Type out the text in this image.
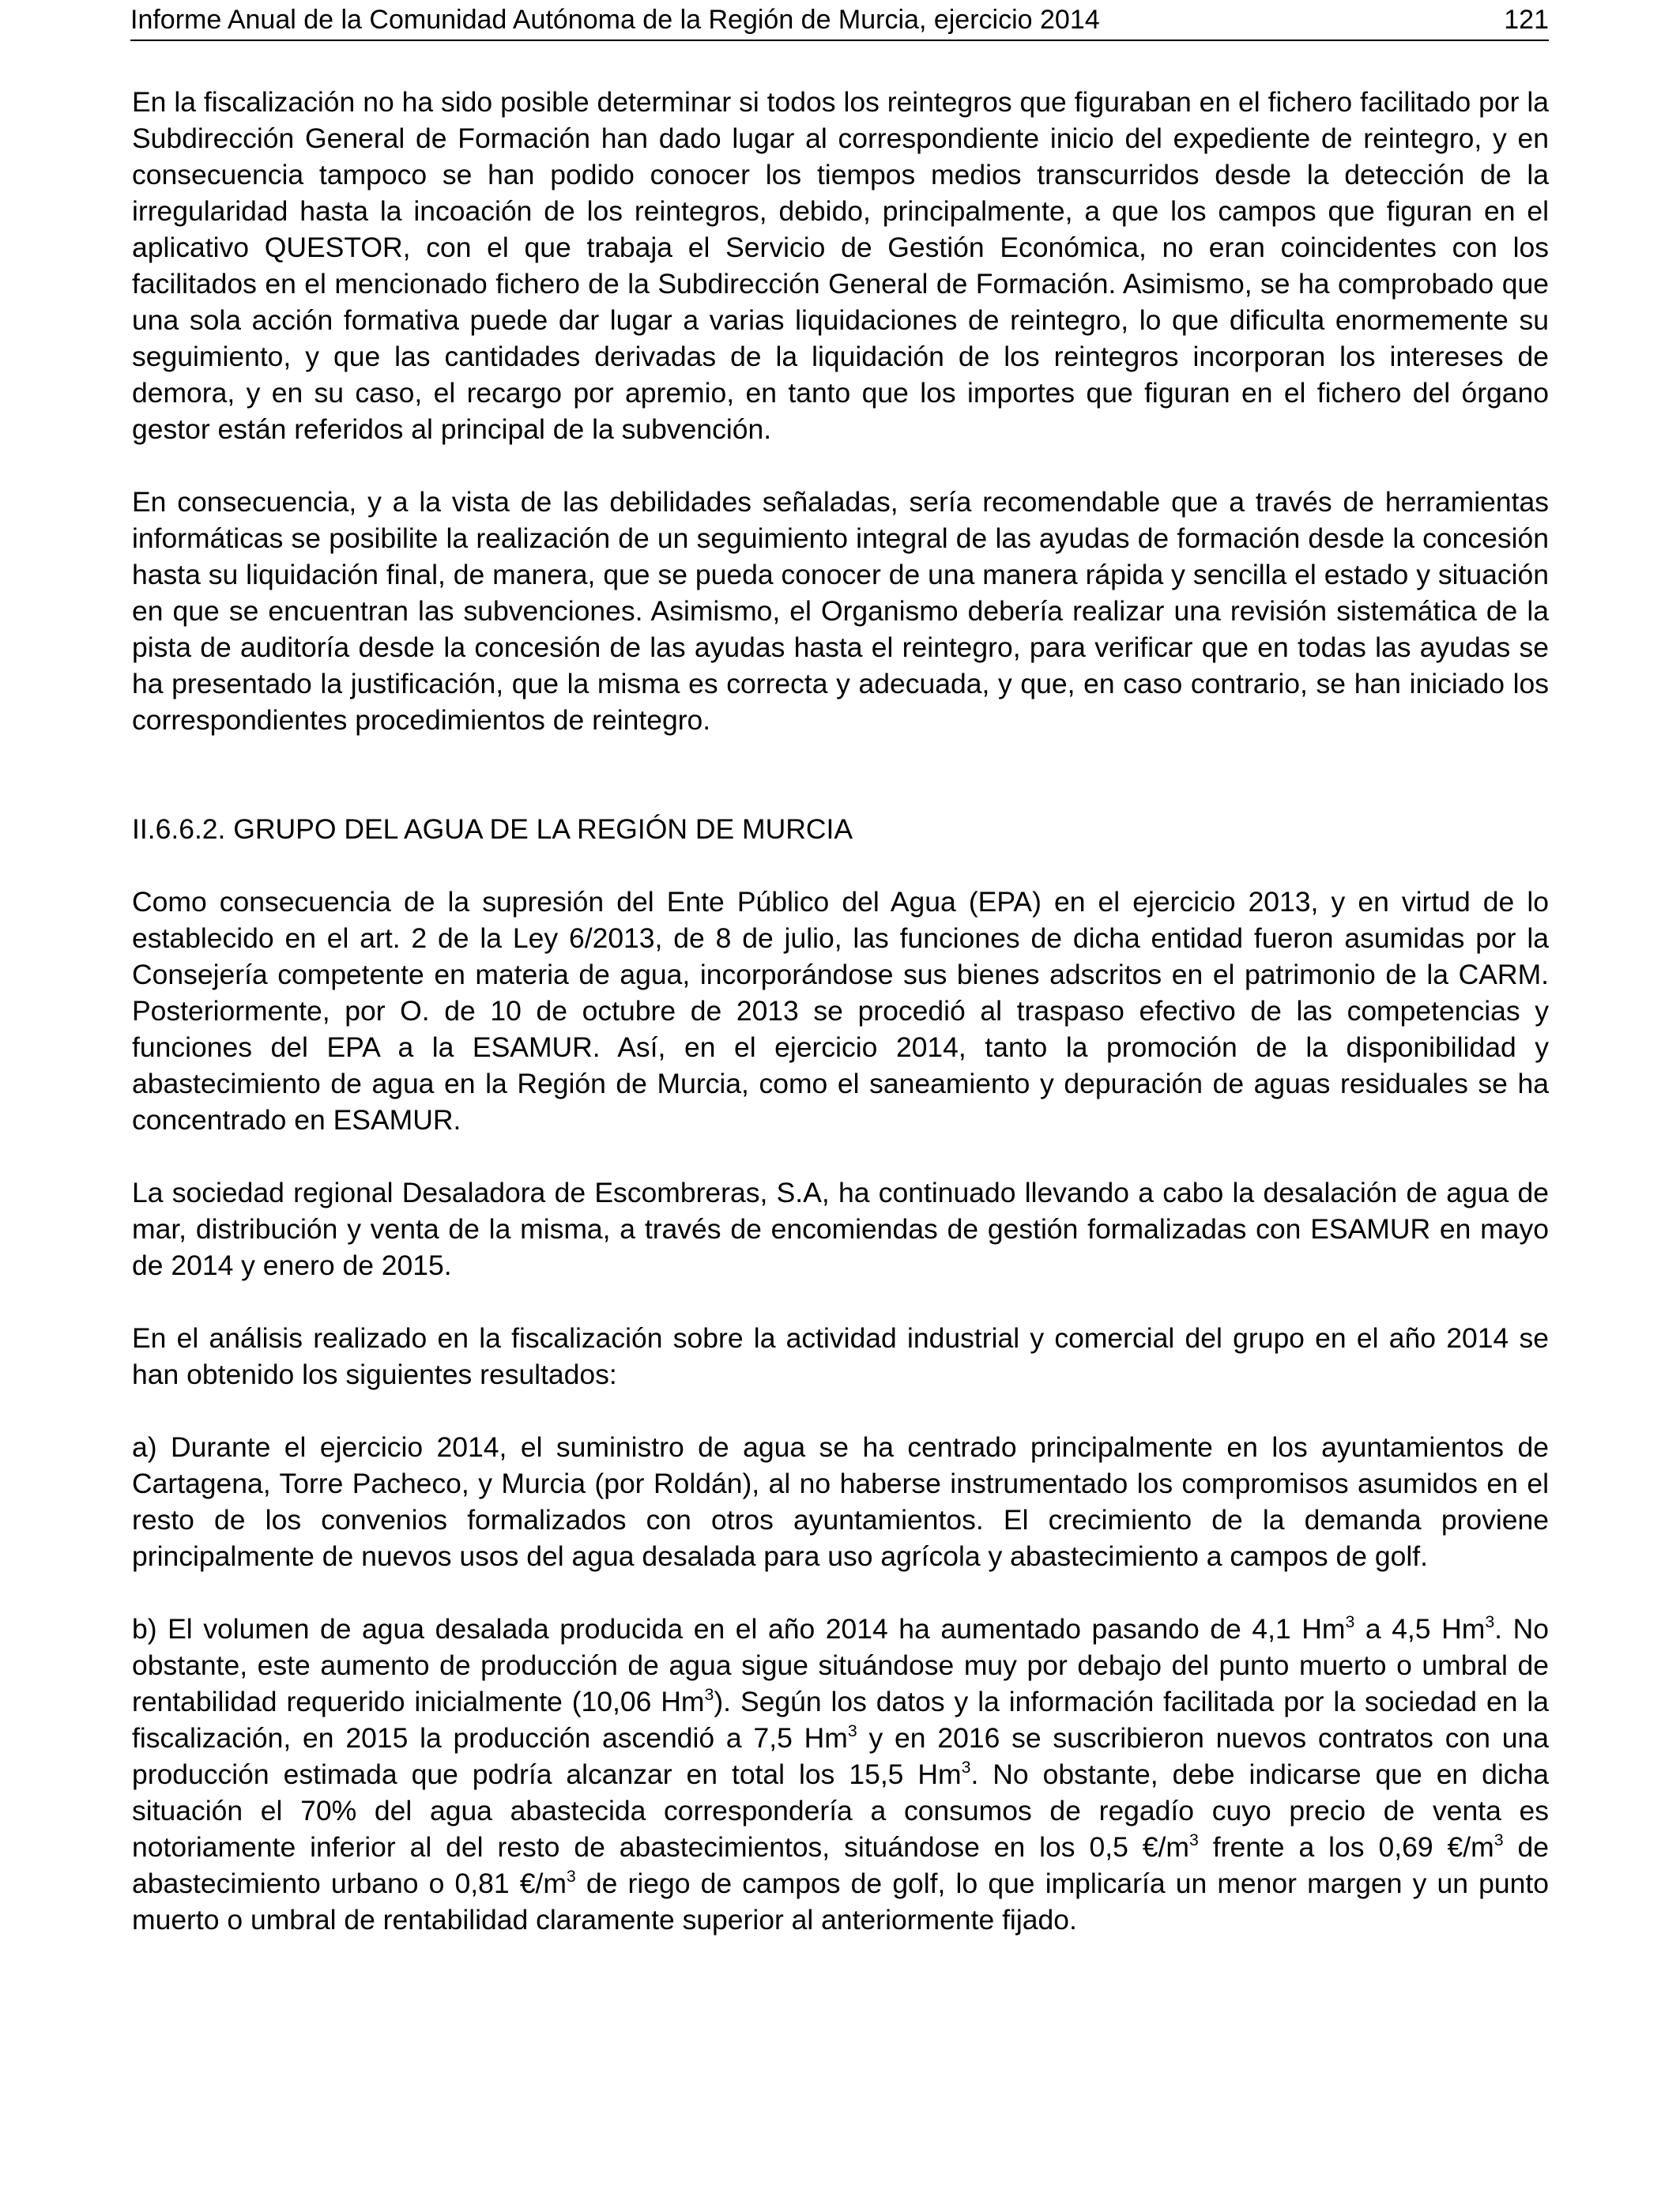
Informe Anual de la Comunidad Autónoma de la Región de Murcia, ejercicio 2014	121

En la fiscalización no ha sido posible determinar si todos los reintegros que figuraban en el fichero facilitado por la Subdirección General de Formación han dado lugar al correspondiente inicio del expediente de reintegro, y en consecuencia tampoco se han podido conocer los tiempos medios transcurridos desde la detección de la irregularidad hasta la incoación de los reintegros, debido, principalmente, a que los campos que figuran en el aplicativo QUESTOR, con el que trabaja el Servicio de Gestión Económica, no eran coincidentes con los facilitados en el mencionado fichero de la Subdirección General de Formación. Asimismo, se ha comprobado que una sola acción formativa puede dar lugar a varias liquidaciones de reintegro, lo que dificulta enormemente su seguimiento, y que las cantidades derivadas de la liquidación de los reintegros incorporan los intereses de demora, y en su caso, el recargo por apremio, en tanto que los importes que figuran en el fichero del órgano gestor están referidos al principal de la subvención.

En consecuencia, y a la vista de las debilidades señaladas, sería recomendable que a través de herramientas informáticas se posibilite la realización de un seguimiento integral de las ayudas de formación desde la concesión hasta su liquidación final, de manera, que se pueda conocer de una manera rápida y sencilla el estado y situación en que se encuentran las subvenciones. Asimismo, el Organismo debería realizar una revisión sistemática de la pista de auditoría desde la concesión de las ayudas hasta el reintegro, para verificar que en todas las ayudas se ha presentado la justificación, que la misma es correcta y adecuada, y que, en caso contrario, se han iniciado los correspondientes procedimientos de reintegro.

II.6.6.2. GRUPO DEL AGUA DE LA REGIÓN DE MURCIA

Como consecuencia de la supresión del Ente Público del Agua (EPA) en el ejercicio 2013, y en virtud de lo establecido en el art. 2 de la Ley 6/2013, de 8 de julio, las funciones de dicha entidad fueron asumidas por la Consejería competente en materia de agua, incorporándose sus bienes adscritos en el patrimonio de la CARM. Posteriormente, por O. de 10 de octubre de 2013 se procedió al traspaso efectivo de las competencias y funciones del EPA a la ESAMUR. Así, en el ejercicio 2014, tanto la promoción de la disponibilidad y abastecimiento de agua en la Región de Murcia, como el saneamiento y depuración de aguas residuales se ha concentrado en ESAMUR.

La sociedad regional Desaladora de Escombreras, S.A, ha continuado llevando a cabo la desalación de agua de mar, distribución y venta de la misma, a través de encomiendas de gestión formalizadas con ESAMUR en mayo de 2014 y enero de 2015.

En el análisis realizado en la fiscalización sobre la actividad industrial y comercial del grupo en el año 2014 se han obtenido los siguientes resultados:

a) Durante el ejercicio 2014, el suministro de agua se ha centrado principalmente en los ayuntamientos de Cartagena, Torre Pacheco, y Murcia (por Roldán), al no haberse instrumentado los compromisos asumidos en el resto de los convenios formalizados con otros ayuntamientos. El crecimiento de la demanda proviene principalmente de nuevos usos del agua desalada para uso agrícola y abastecimiento a campos de golf.

b) El volumen de agua desalada producida en el año 2014 ha aumentado pasando de 4,1 Hm$^3$ a 4,5 Hm$^3$. No obstante, este aumento de producción de agua sigue situándose muy por debajo del punto muerto o umbral de rentabilidad requerido inicialmente (10,06 Hm$^3$). Según los datos y la información facilitada por la sociedad en la fiscalización, en 2015 la producción ascendió a 7,5 Hm$^3$ y en 2016 se suscribieron nuevos contratos con una producción estimada que podría alcanzar en total los 15,5 Hm$^3$. No obstante, debe indicarse que en dicha situación el 70% del agua abastecida correspondería a consumos de regadío cuyo precio de venta es notoriamente inferior al del resto de abastecimientos, situándose en los 0,5 $€/m^3$ frente a los 0,69 $€/m^3$ de abastecimiento urbano o 0,81 $€/m^3$ de riego de campos de golf, lo que implicaría un menor margen y un punto muerto o umbral de rentabilidad claramente superior al anteriormente fijado.
